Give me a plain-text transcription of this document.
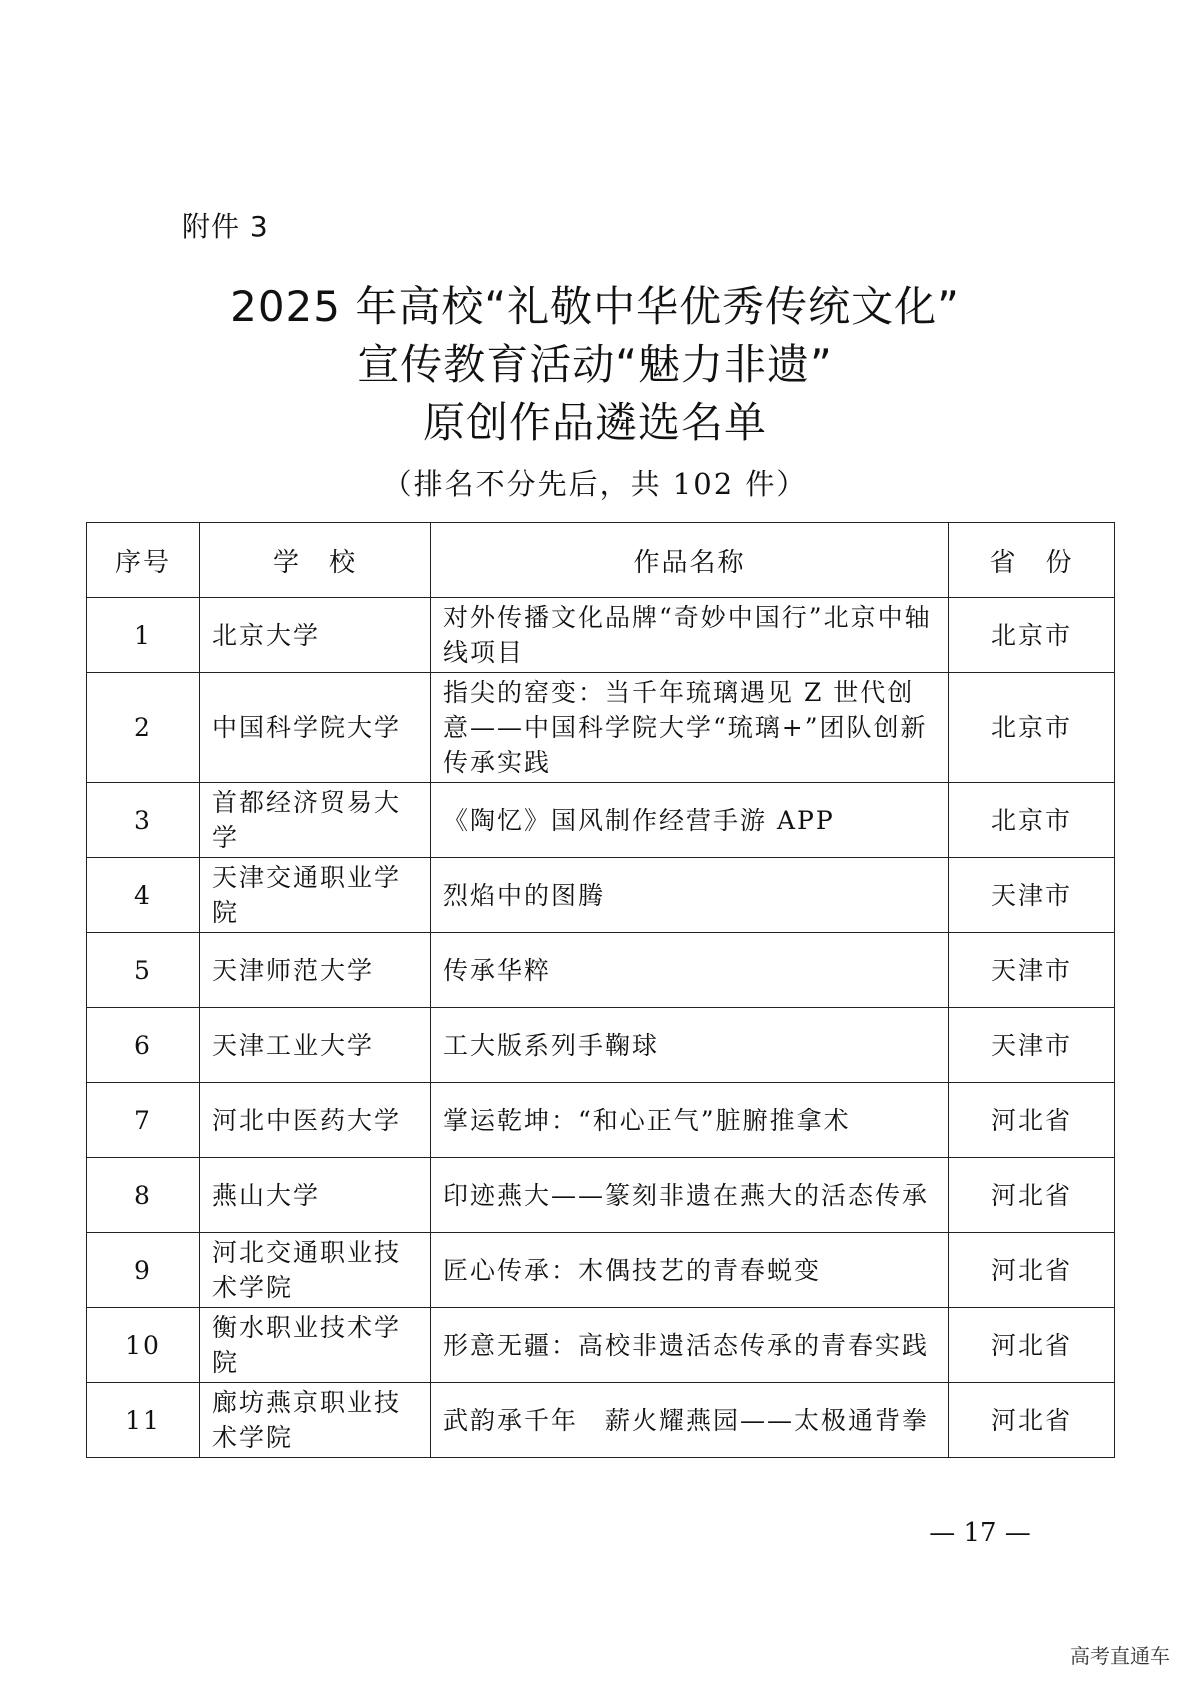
附件 3
2025 年高校“礼敬中华优秀传统文化”
宣传教育活动“魅力非遗”
原创作品遴选名单
（排名不分先后，共 102 件）
序号	学　校	作品名称	省　份
1	北京大学	对外传播文化品牌“奇妙中国行”北京中轴线项目	北京市
2	中国科学院大学	指尖的窑变：当千年琉璃遇见 Z 世代创意——中国科学院大学“琉璃+”团队创新传承实践	北京市
3	首都经济贸易大学	《陶忆》国风制作经营手游 APP	北京市
4	天津交通职业学院	烈焰中的图腾	天津市
5	天津师范大学	传承华粹	天津市
6	天津工业大学	工大版系列手鞠球	天津市
7	河北中医药大学	掌运乾坤：“和心正气”脏腑推拿术	河北省
8	燕山大学	印迹燕大——篆刻非遗在燕大的活态传承	河北省
9	河北交通职业技术学院	匠心传承：木偶技艺的青春蜕变	河北省
10	衡水职业技术学院	形意无疆：高校非遗活态传承的青春实践	河北省
11	廊坊燕京职业技术学院	武韵承千年　薪火耀燕园——太极通背拳	河北省
— 17 —
高考直通车
